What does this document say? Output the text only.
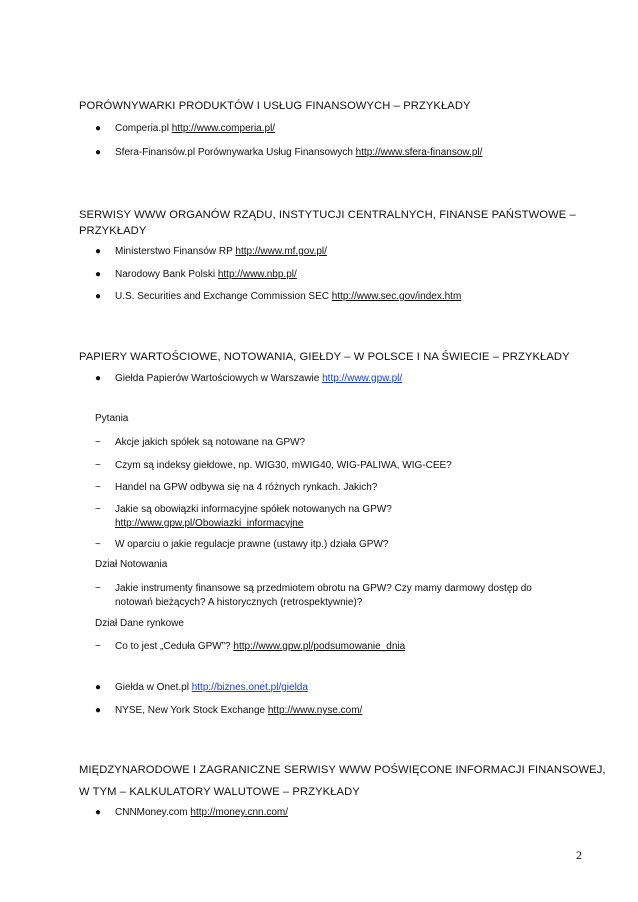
PORÓWNYWARKI PRODUKTÓW I USŁUG FINANSOWYCH – PRZYKŁADY
● Comperia.pl http://www.comperia.pl/
● Sfera-Finansów.pl Porównywarka Usług Finansowych http://www.sfera-finansow.pl/
SERWISY WWW ORGANÓW RZĄDU, INSTYTUCJI CENTRALNYCH, FINANSE PAŃSTWOWE –
PRZYKŁADY
● Ministerstwo Finansów RP http://www.mf.gov.pl/
● Narodowy Bank Polski http://www.nbp.pl/
● U.S. Securities and Exchange Commission SEC http://www.sec.gov/index.htm
PAPIERY WARTOŚCIOWE, NOTOWANIA, GIEŁDY – W POLSCE I NA ŚWIECIE – PRZYKŁADY
● Giełda Papierów Wartościowych w Warszawie http://www.gpw.pl/
Pytania
~ Akcje jakich spółek są notowane na GPW?
~ Czym są indeksy giełdowe, np. WIG30, mWIG40, WIG-PALIWA, WIG-CEE?
~ Handel na GPW odbywa się na 4 różnych rynkach. Jakich?
~ Jakie są obowiązki informacyjne spółek notowanych na GPW?
http://www.gpw.pl/Obowiazki_informacyjne
~ W oparciu o jakie regulacje prawne (ustawy itp.) działa GPW?
Dział Notowania
~ Jakie instrumenty finansowe są przedmiotem obrotu na GPW? Czy mamy darmowy dostęp do
notowań bieżących? A historycznych (retrospektywnie)?
Dział Dane rynkowe
~ Co to jest „Ceduła GPW”? http://www.gpw.pl/podsumowanie_dnia
● Giełda w Onet.pl http://biznes.onet.pl/gielda
● NYSE, New York Stock Exchange http://www.nyse.com/
MIĘDZYNARODOWE I ZAGRANICZNE SERWISY WWW POŚWIĘCONE INFORMACJI FINANSOWEJ,
W TYM – KALKULATORY WALUTOWE – PRZYKŁADY
● CNNMoney.com http://money.cnn.com/
2
